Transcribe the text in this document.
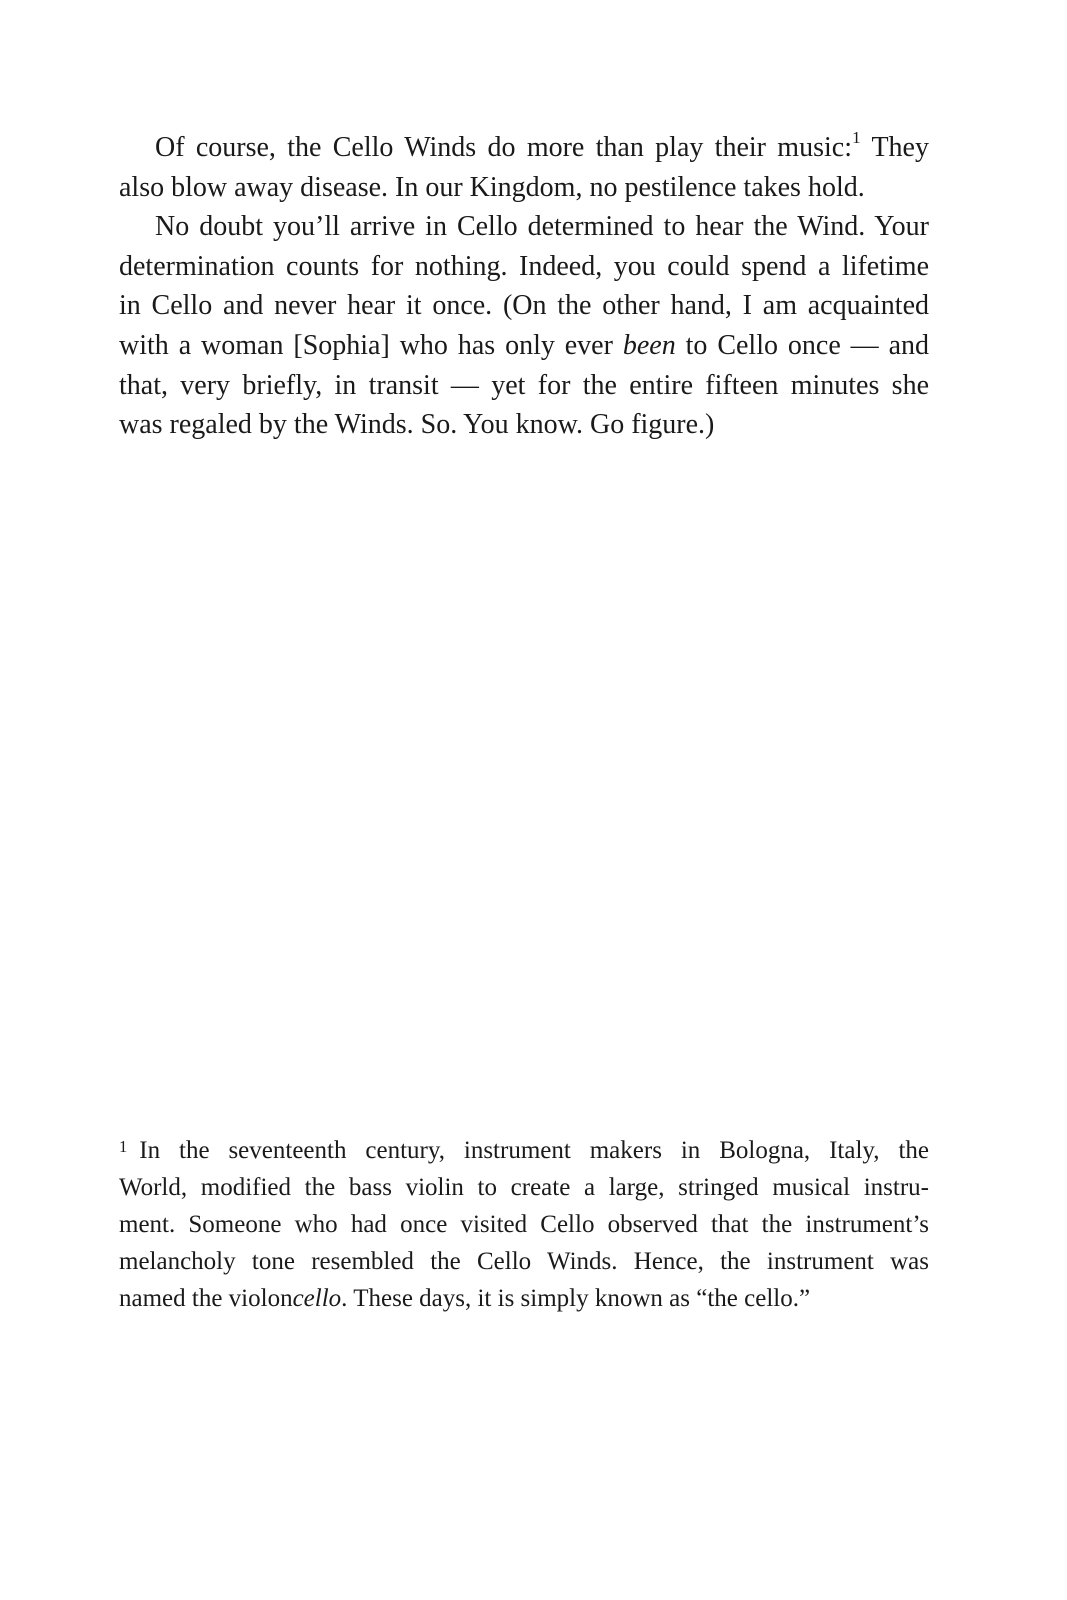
Of course, the Cello Winds do more than play their music:$^1$ They
also blow away disease. In our Kingdom, no pestilence takes hold.
No doubt you’ll arrive in Cello determined to hear the Wind. Your
determination counts for nothing. Indeed, you could spend a lifetime
in Cello and never hear it once. (On the other hand, I am acquainted
with a woman [Sophia] who has only ever been to Cello once — and
that, very briefly, in transit — yet for the entire fifteen minutes she
was regaled by the Winds. So. You know. Go figure.)
$^1$ In the seventeenth century, instrument makers in Bologna, Italy, the
World, modified the bass violin to create a large, stringed musical instru-
ment. Someone who had once visited Cello observed that the instrument’s
melancholy tone resembled the Cello Winds. Hence, the instrument was
named the violoncello. These days, it is simply known as “the cello.”
